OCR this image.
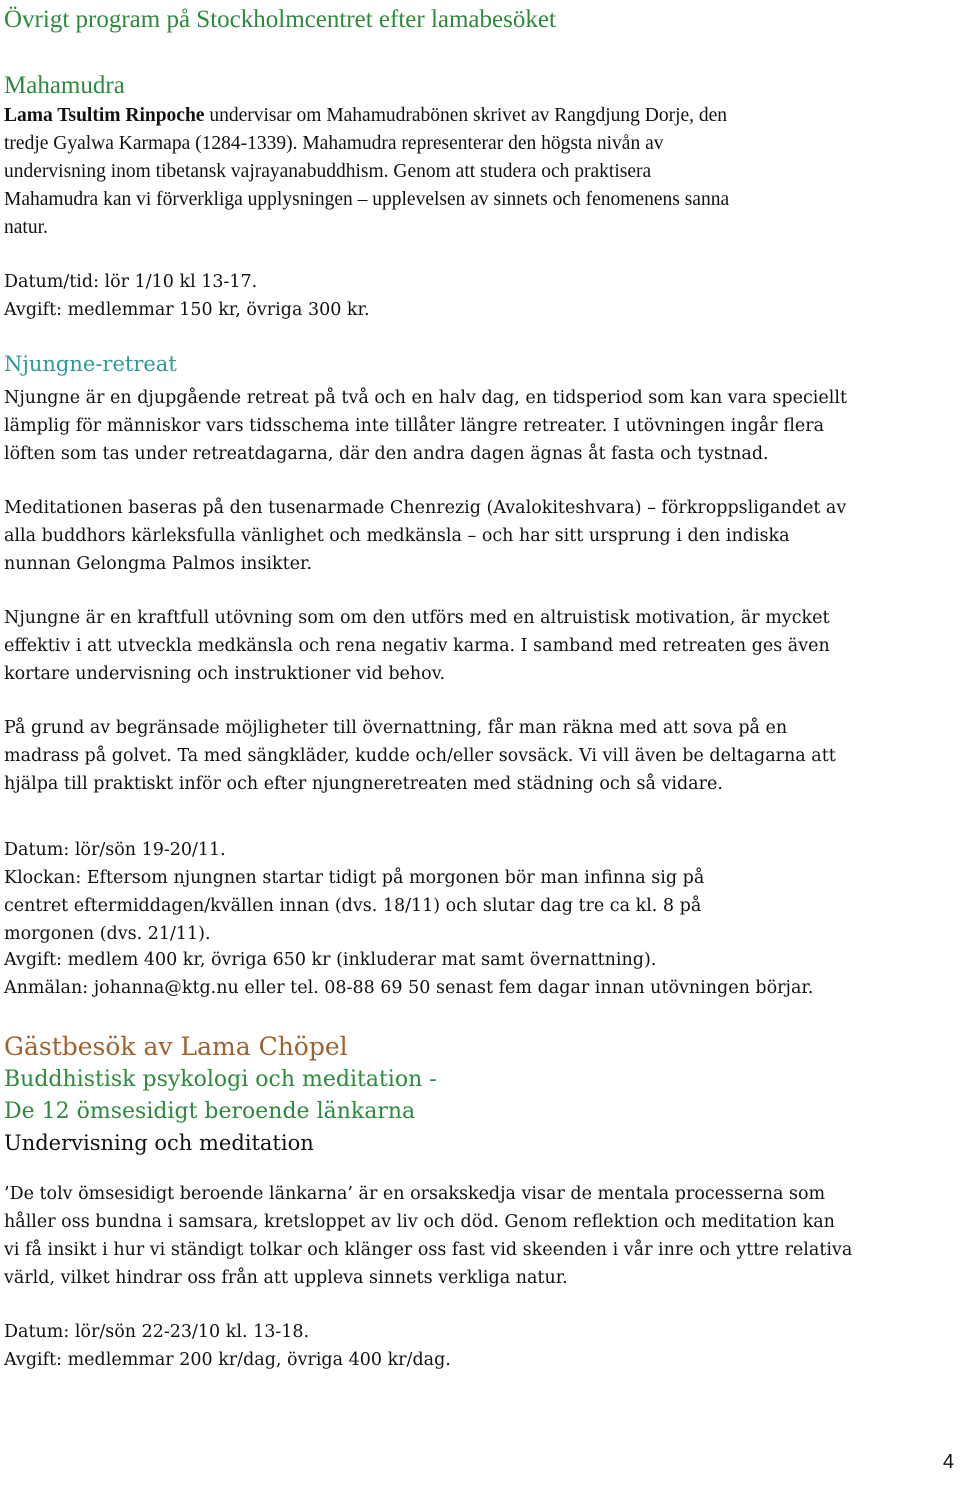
Övrigt program på Stockholmcentret efter lamabesöket
Mahamudra

Lama Tsultim Rinpoche undervisar om Mahamudrabönen skrivet av Rangdjung Dorje, den

tredje Gyalwa Karmapa (1284-1339). Mahamudra representerar den högsta nivån av

undervisning inom tibetansk vajrayanabuddhism. Genom att studera och praktisera

Mahamudra kan vi förverkliga upplysningen – upplevelsen av sinnets och fenomenens sanna

natur.

Datum/tid: lör 1/10 kl 13-17.

Avgift: medlemmar 150 kr, övriga 300 kr.

Njungne-retreat

Njungne är en djupgående retreat på två och en halv dag, en tidsperiod som kan vara speciellt

lämplig för människor vars tidsschema inte tillåter längre retreater. I utövningen ingår flera

löften som tas under retreatdagarna, där den andra dagen ägnas åt fasta och tystnad.

Meditationen baseras på den tusenarmade Chenrezig (Avalokiteshvara) – förkroppsligandet av

alla buddhors kärleksfulla vänlighet och medkänsla – och har sitt ursprung i den indiska

nunnan Gelongma Palmos insikter.

Njungne är en kraftfull utövning som om den utförs med en altruistisk motivation, är mycket

effektiv i att utveckla medkänsla och rena negativ karma. I samband med retreaten ges även

kortare undervisning och instruktioner vid behov.

På grund av begränsade möjligheter till övernattning, får man räkna med att sova på en

madrass på golvet. Ta med sängkläder, kudde och/eller sovsäck. Vi vill även be deltagarna att

hjälpa till praktiskt inför och efter njungneretreaten med städning och så vidare.

Datum: lör/sön 19-20/11.

Klockan: Eftersom njungnen startar tidigt på morgonen bör man infinna sig på

centret eftermiddagen/kvällen innan (dvs. 18/11) och slutar dag tre ca kl. 8 på

morgonen (dvs. 21/11).

Avgift: medlem 400 kr, övriga 650 kr (inkluderar mat samt övernattning).

Anmälan: johanna@ktg.nu eller tel. 08-88 69 50 senast fem dagar innan utövningen börjar.

Gästbesök av Lama Chöpel
Buddhistisk psykologi och meditation -
De 12 ömsesidigt beroende länkarna
Undervisning och meditation

’De tolv ömsesidigt beroende länkarna’ är en orsakskedja visar de mentala processerna som

håller oss bundna i samsara, kretsloppet av liv och död. Genom reflektion och meditation kan

vi få insikt i hur vi ständigt tolkar och klänger oss fast vid skeenden i vår inre och yttre relativa

värld, vilket hindrar oss från att uppleva sinnets verkliga natur.

Datum: lör/sön 22-23/10 kl. 13-18.

Avgift: medlemmar 200 kr/dag, övriga 400 kr/dag.

4
